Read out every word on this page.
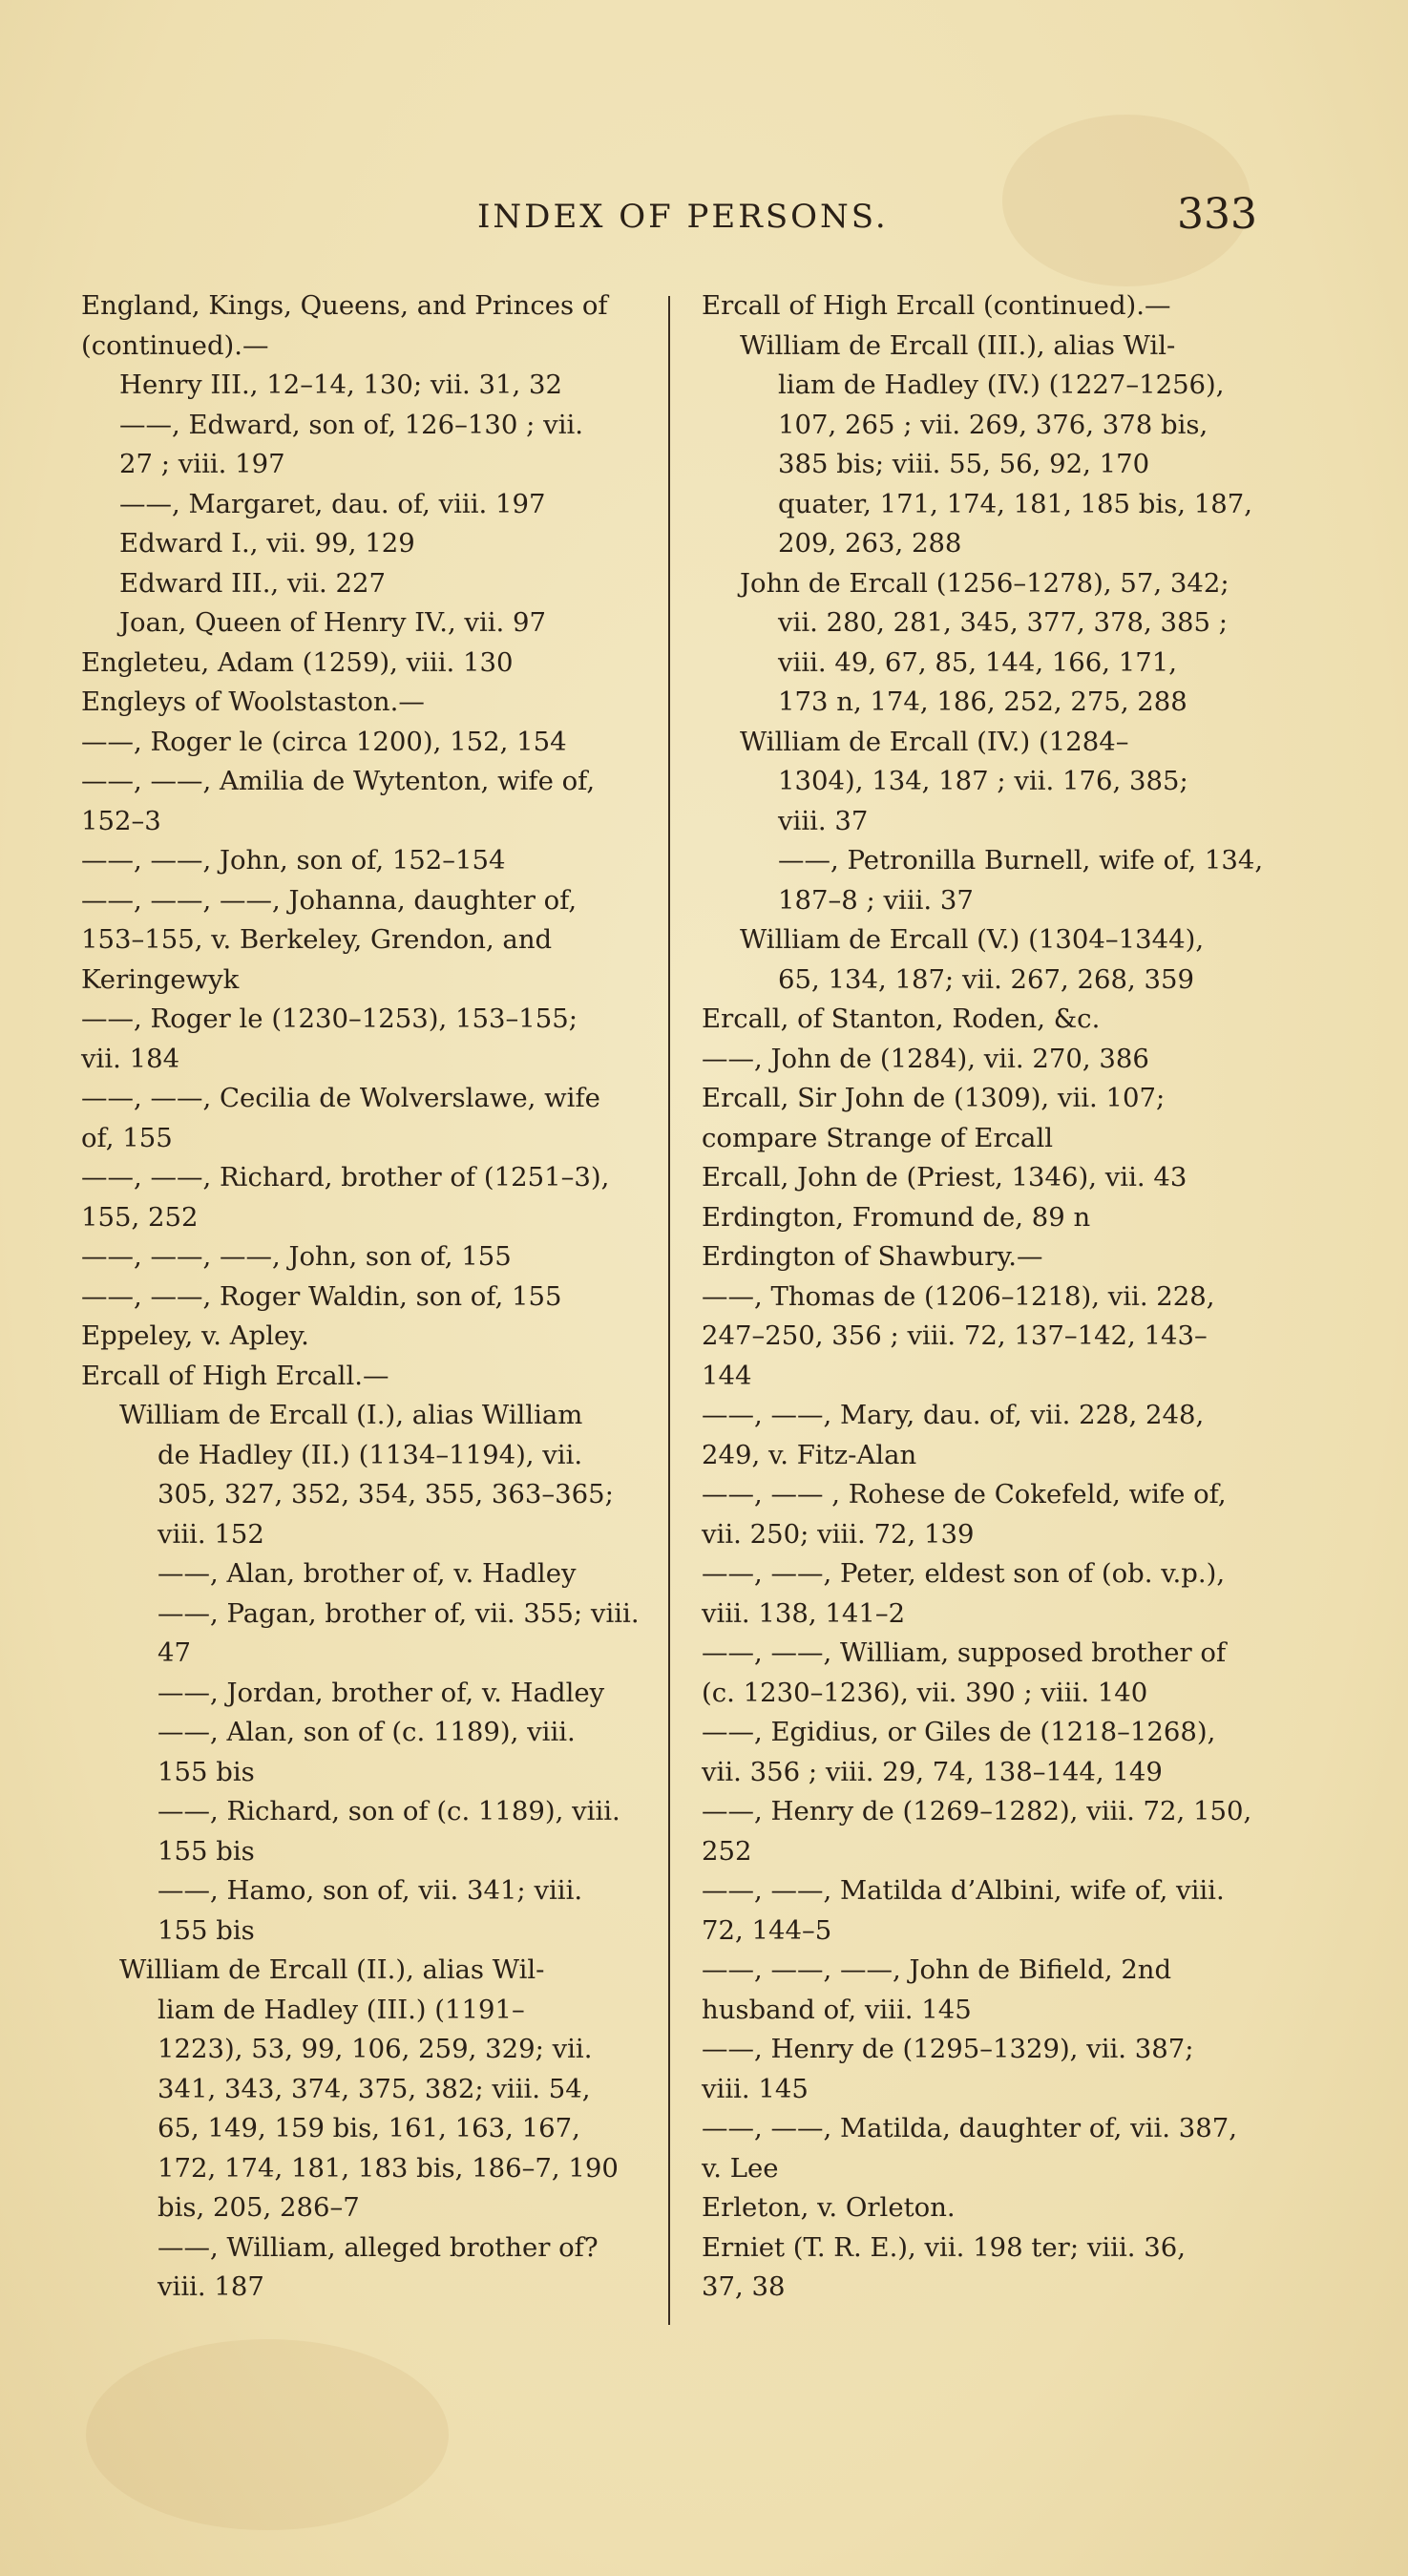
INDEX OF PERSONS.	333
England, Kings, Queens, and Princes of
(continued).—
Henry III., 12–14, 130; vii. 31, 32
——, Edward, son of, 126–130 ; vii.
27 ; viii. 197
——, Margaret, dau. of, viii. 197
Edward I., vii. 99, 129
Edward III., vii. 227
Joan, Queen of Henry IV., vii. 97
Engleteu, Adam (1259), viii. 130
Engleys of Woolstaston.—
——, Roger le (circa 1200), 152, 154
——, ——, Amilia de Wytenton, wife of,
152–3
——, ——, John, son of, 152–154
——, ——, ——, Johanna, daughter of,
153–155, v. Berkeley, Grendon, and
Keringewyk
——, Roger le (1230–1253), 153–155;
vii. 184
——, ——, Cecilia de Wolverslawe, wife
of, 155
——, ——, Richard, brother of (1251–3),
155, 252
——, ——, ——, John, son of, 155
——, ——, Roger Waldin, son of, 155
Eppeley, v. Apley.
Ercall of High Ercall.—
William de Ercall (I.), alias William
de Hadley (II.) (1134–1194), vii.
305, 327, 352, 354, 355, 363–365;
viii. 152
——, Alan, brother of, v. Hadley
——, Pagan, brother of, vii. 355; viii.
47
——, Jordan, brother of, v. Hadley
——, Alan, son of (c. 1189), viii.
155 bis
——, Richard, son of (c. 1189), viii.
155 bis
——, Hamo, son of, vii. 341; viii.
155 bis
William de Ercall (II.), alias Wil-
liam de Hadley (III.) (1191–
1223), 53, 99, 106, 259, 329; vii.
341, 343, 374, 375, 382; viii. 54,
65, 149, 159 bis, 161, 163, 167,
172, 174, 181, 183 bis, 186–7, 190
bis, 205, 286–7
——, William, alleged brother of?
viii. 187
Ercall of High Ercall (continued).—
William de Ercall (III.), alias Wil-
liam de Hadley (IV.) (1227–1256),
107, 265 ; vii. 269, 376, 378 bis,
385 bis; viii. 55, 56, 92, 170
quater, 171, 174, 181, 185 bis, 187,
209, 263, 288
John de Ercall (1256–1278), 57, 342;
vii. 280, 281, 345, 377, 378, 385 ;
viii. 49, 67, 85, 144, 166, 171,
173 n, 174, 186, 252, 275, 288
William de Ercall (IV.) (1284–
1304), 134, 187 ; vii. 176, 385;
viii. 37
——, Petronilla Burnell, wife of, 134,
187–8 ; viii. 37
William de Ercall (V.) (1304–1344),
65, 134, 187; vii. 267, 268, 359
Ercall, of Stanton, Roden, &c.
——, John de (1284), vii. 270, 386
Ercall, Sir John de (1309), vii. 107;
compare Strange of Ercall
Ercall, John de (Priest, 1346), vii. 43
Erdington, Fromund de, 89 n
Erdington of Shawbury.—
——, Thomas de (1206–1218), vii. 228,
247–250, 356 ; viii. 72, 137–142, 143–
144
——, ——, Mary, dau. of, vii. 228, 248,
249, v. Fitz-Alan
——, —— , Rohese de Cokefeld, wife of,
vii. 250; viii. 72, 139
——, ——, Peter, eldest son of (ob. v.p.),
viii. 138, 141–2
——, ——, William, supposed brother of
(c. 1230–1236), vii. 390 ; viii. 140
——, Egidius, or Giles de (1218–1268),
vii. 356 ; viii. 29, 74, 138–144, 149
——, Henry de (1269–1282), viii. 72, 150,
252
——, ——, Matilda d’Albini, wife of, viii.
72, 144–5
——, ——, ——, John de Bifield, 2nd
husband of, viii. 145
——, Henry de (1295–1329), vii. 387;
viii. 145
——, ——, Matilda, daughter of, vii. 387,
v. Lee
Erleton, v. Orleton.
Erniet (T. R. E.), vii. 198 ter; viii. 36,
37, 38
